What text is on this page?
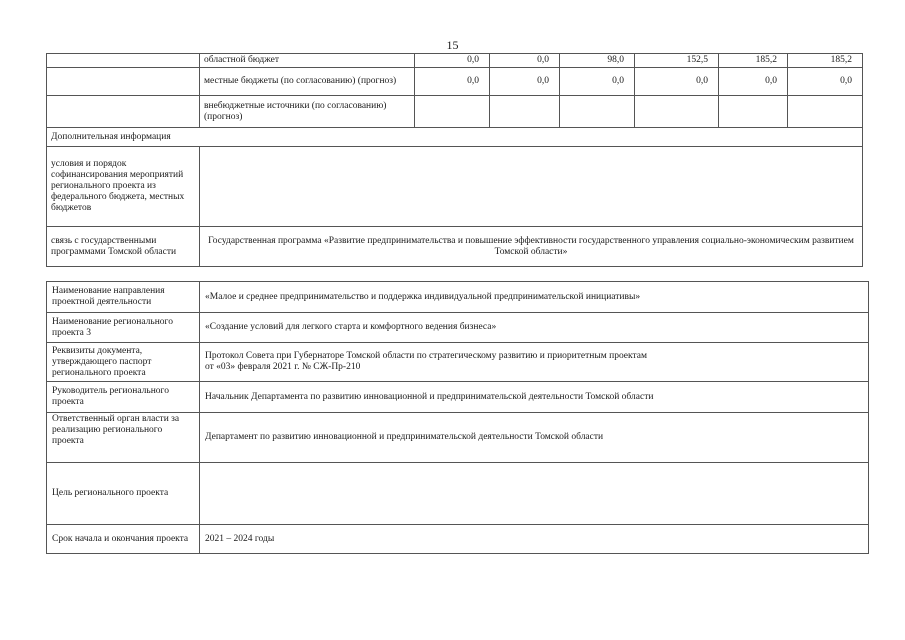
15
	областной бюджет	0,0	0,0	98,0	152,5	185,2	185,2
	местные бюджеты (по согласованию) (прогноз)	0,0	0,0	0,0	0,0	0,0	0,0
	внебюджетные источники (по согласованию) (прогноз)						
Дополнительная информация							
условия и порядок софинансирования мероприятий регионального проекта из федерального бюджета, местных бюджетов							
связь с государственными программами Томской области	Государственная программа «Развитие предпринимательства и повышение эффективности государственного управления социально-экономическим развитием Томской области»						
Наименование направления проектной деятельности	«Малое и среднее предпринимательство и поддержка индивидуальной предпринимательской инициативы»
Наименование регионального проекта 3	«Создание условий для легкого старта и комфортного ведения бизнеса»
Реквизиты документа, утверждающего паспорт регионального проекта	Протокол Совета при Губернаторе Томской области по стратегическому развитию и приоритетным проектам
от «03» февраля 2021 г. № СЖ-Пр-210

Руководитель регионального проекта	Начальник Департамента по развитию инновационной и предпринимательской деятельности Томской области
Ответственный орган власти за реализацию регионального проекта	Департамент по развитию инновационной и предпринимательской деятельности Томской области
Цель регионального проекта	
Срок начала и окончания проекта	2021 – 2024 годы
